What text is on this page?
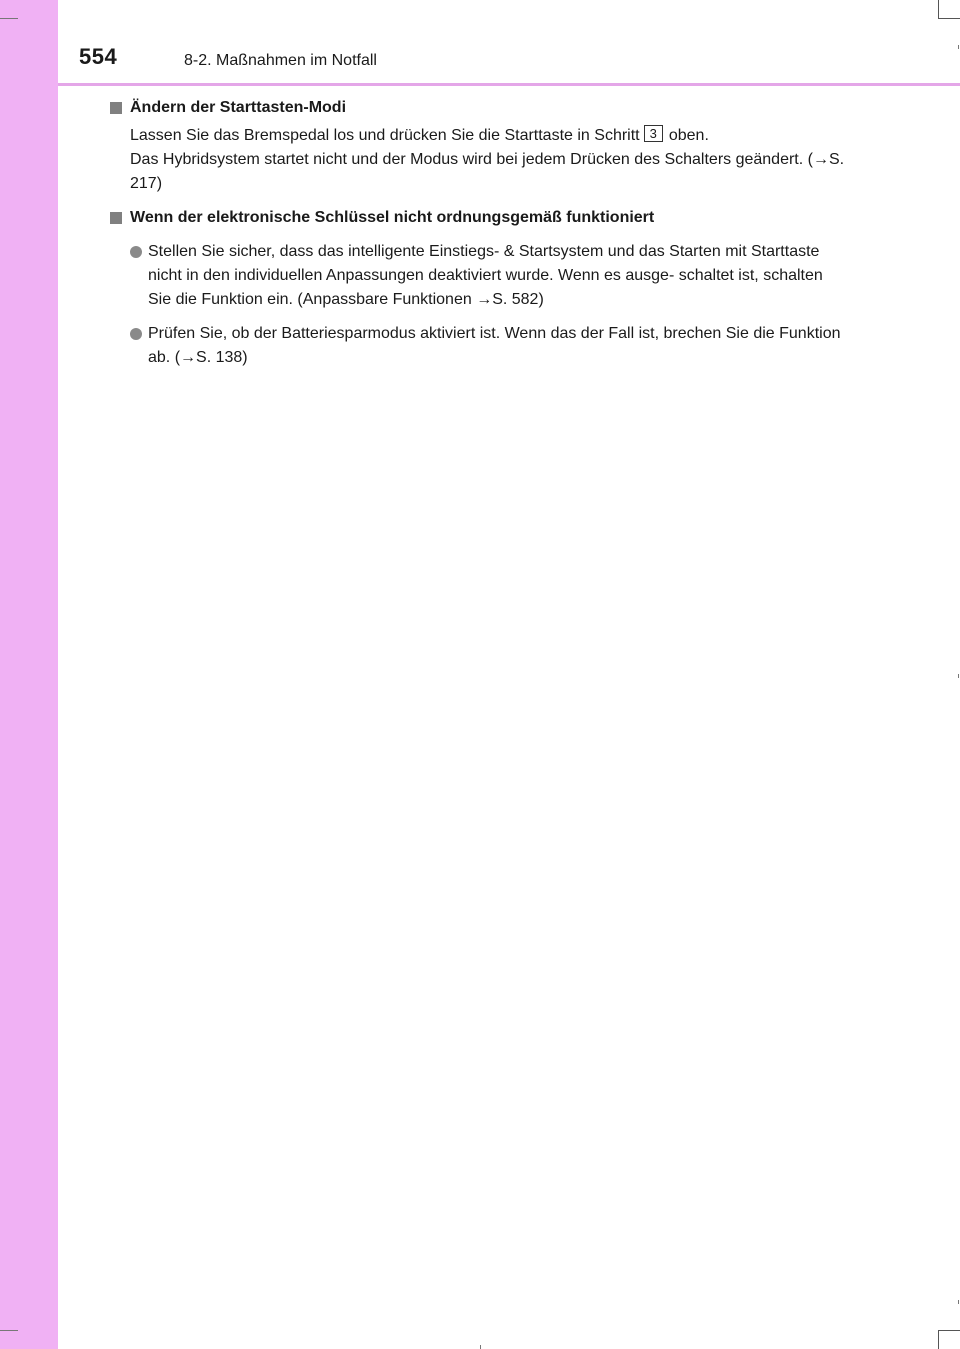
554	8-2. Maßnahmen im Notfall
Ändern der Starttasten-Modi
Lassen Sie das Bremspedal los und drücken Sie die Starttaste in Schritt 3 oben.
Das Hybridsystem startet nicht und der Modus wird bei jedem Drücken des Schalters geändert. (→S. 217)
Wenn der elektronische Schlüssel nicht ordnungsgemäß funktioniert
Stellen Sie sicher, dass das intelligente Einstiegs- & Startsystem und das Starten mit Starttaste nicht in den individuellen Anpassungen deaktiviert wurde. Wenn es ausge- schaltet ist, schalten Sie die Funktion ein. (Anpassbare Funktionen →S. 582)
Prüfen Sie, ob der Batteriesparmodus aktiviert ist. Wenn das der Fall ist, brechen Sie die Funktion ab. (→S. 138)
